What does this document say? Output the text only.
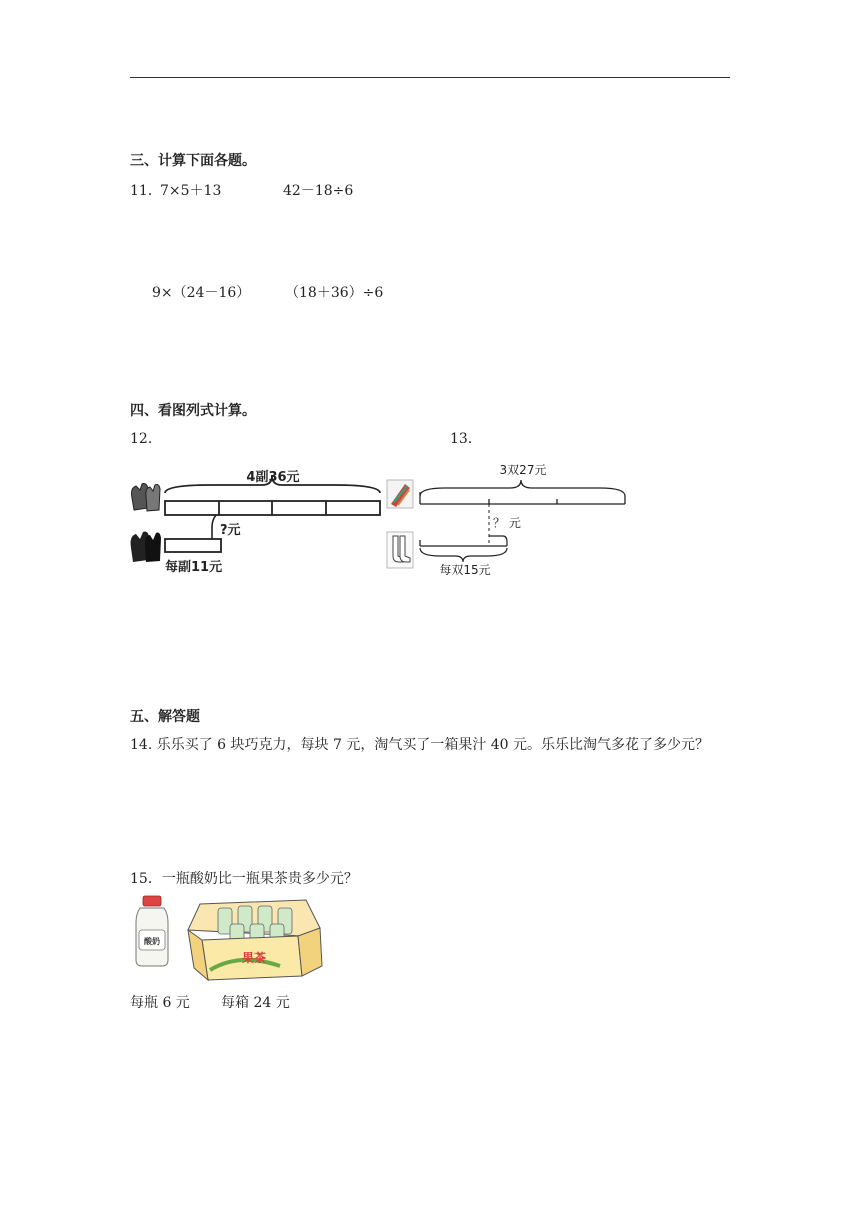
三、计算下面各题。
11．
7×5＋13	42－18÷6
9×（24－16） （18＋36）÷6
四、看图列式计算。
12．	13．
4副36元
?元
每副11元
3双27元
？ 元
每双15元
五、解答题
14. 乐乐买了 6 块巧克力，每块 7 元，淘气买了一箱果汁 40 元。乐乐比淘气多花了多少元？
15．一瓶酸奶比一瓶果茶贵多少元？
酸奶
果茶
每瓶 6 元 每箱 24 元
